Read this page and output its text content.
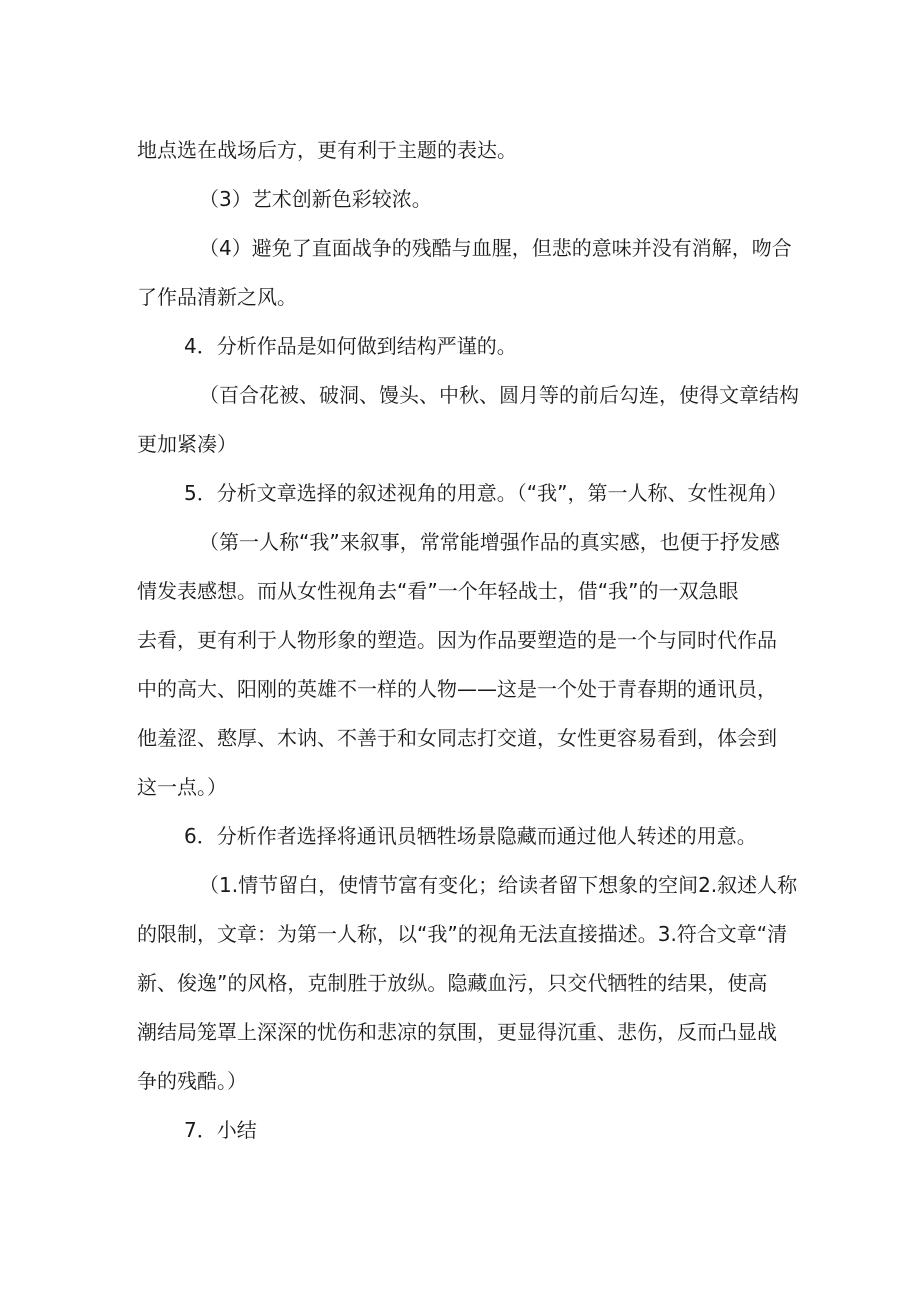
地点选在战场后方，更有利于主题的表达。
（3）艺术创新色彩较浓。
（4）避免了直面战争的残酷与血腥，但悲的意味并没有消解，吻合
了作品清新之风。
4．分析作品是如何做到结构严谨的。
（百合花被、破洞、馒头、中秋、圆月等的前后勾连，使得文章结构
更加紧凑）
5．分析文章选择的叙述视角的用意。（“我”，第一人称、女性视角）
（第一人称“我”来叙事，常常能增强作品的真实感，也便于抒发感
情发表感想。而从女性视角去“看”一个年轻战士，借“我”的一双急眼
去看，更有利于人物形象的塑造。因为作品要塑造的是一个与同时代作品
中的高大、阳刚的英雄不一样的人物——这是一个处于青春期的通讯员，
他羞涩、憨厚、木讷、不善于和女同志打交道，女性更容易看到，体会到
这一点。）
6．分析作者选择将通讯员牺牲场景隐藏而通过他人转述的用意。
（1.情节留白，使情节富有变化；给读者留下想象的空间2.叙述人称
的限制，文章：为第一人称，以“我”的视角无法直接描述。3.符合文章“清
新、俊逸”的风格，克制胜于放纵。隐藏血污，只交代牺牲的结果，使高
潮结局笼罩上深深的忧伤和悲凉的氛围，更显得沉重、悲伤，反而凸显战
争的残酷。）
7．小结
